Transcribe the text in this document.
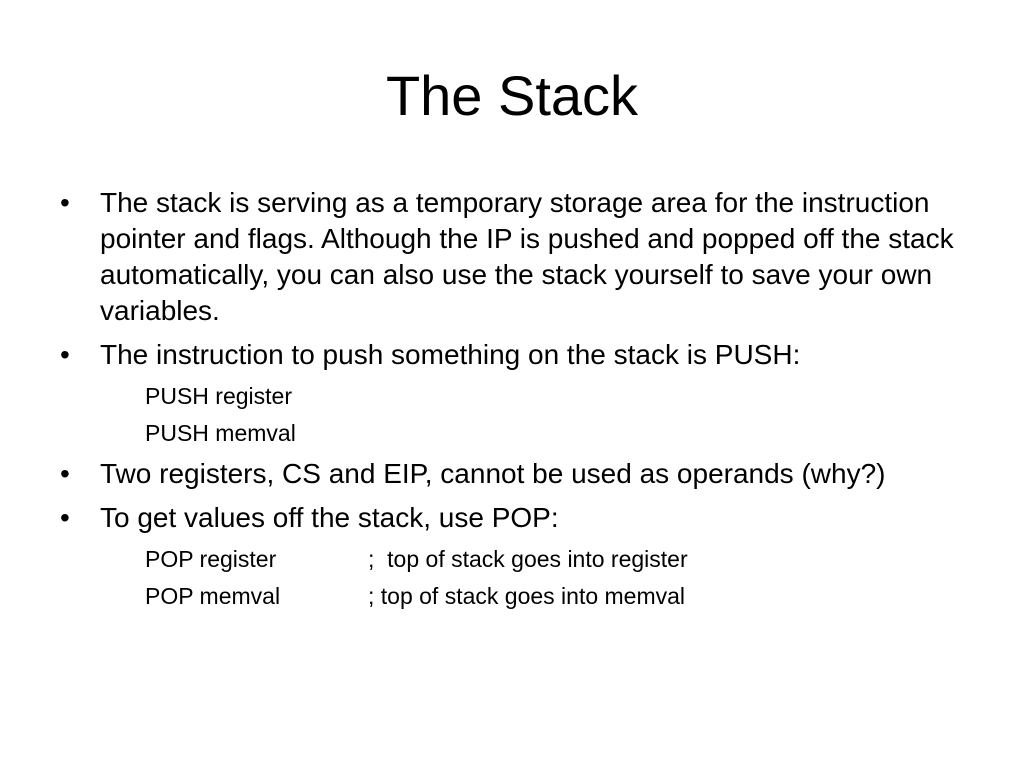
The Stack
•	The stack is serving as a temporary storage area for the instruction pointer and flags. Although the IP is pushed and popped off the stack automatically, you can also use the stack yourself to save your own variables.
•	The instruction to push something on the stack is PUSH:
PUSH register
PUSH memval
•	Two registers, CS and EIP, cannot be used as operands (why?)
•	To get values off the stack, use POP:
POP register	;  top of stack goes into register
POP memval	; top of stack goes into memval
